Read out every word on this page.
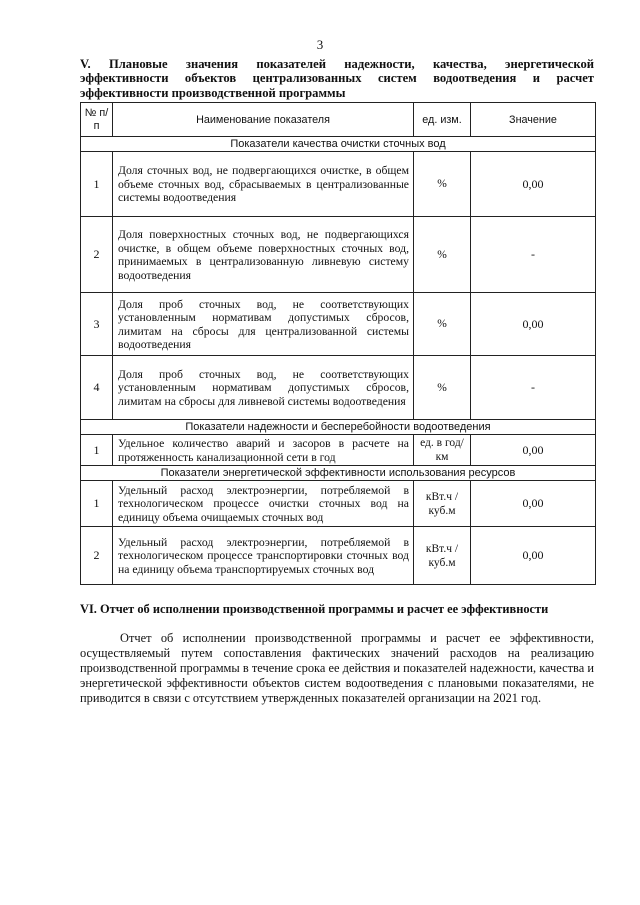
3
V. Плановые значения показателей надежности, качества, энергетической эффективности объектов централизованных систем водоотведения и расчет эффективности производственной программы
№ п/п	Наименование показателя	ед. изм.	Значение
Показатели качества очистки сточных вод			
1	Доля сточных вод, не подвергающихся очистке, в общем объеме сточных вод, сбрасываемых в централизованные системы водоотведения	%	0,00
2	Доля поверхностных сточных вод, не подвергающихся очистке, в общем объеме поверхностных сточных вод, принимаемых в централизованную ливневую систему водоотведения	%	-
3	Доля проб сточных вод, не соответствующих установленным нормативам допустимых сбросов, лимитам на сбросы для централизованной системы водоотведения	%	0,00
4	Доля проб сточных вод, не соответствующих установленным нормативам допустимых сбросов, лимитам на сбросы для ливневой системы водоотведения	%	-
Показатели надежности и бесперебойности водоотведения			
1	Удельное количество аварий и засоров в расчете на протяженность канализационной сети в год	ед. в год/ км	0,00
Показатели энергетической эффективности использования ресурсов			
1	Удельный расход электроэнергии, потребляемой в технологическом процессе очистки сточных вод на единицу объема очищаемых сточных вод	кВт.ч / куб.м	0,00
2	Удельный расход электроэнергии, потребляемой в технологическом процессе транспортировки сточных вод на единицу объема транспортируемых сточных вод	кВт.ч / куб.м	0,00
VI. Отчет об исполнении производственной программы и расчет ее эффективности
Отчет об исполнении производственной программы и расчет ее эффективности, осуществляемый путем сопоставления фактических значений расходов на реализацию производственной программы в течение срока ее действия и показателей надежности, качества и энергетической эффективности объектов систем водоотведения с плановыми показателями, не приводится в связи с отсутствием утвержденных показателей организации на 2021 год.
